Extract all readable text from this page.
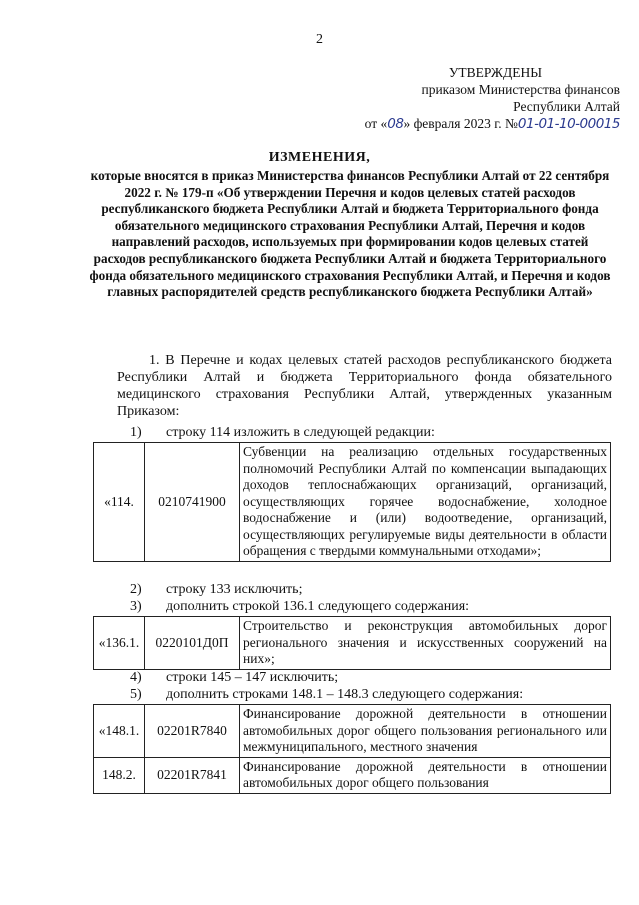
2
УТВЕРЖДЕНЫ
приказом Министерства финансов
Республики Алтай
от «08» февраля 2023 г. №01-01-10-00015
ИЗМЕНЕНИЯ,
которые вносятся в приказ Министерства финансов Республики Алтай от 22 сентября 2022 г. № 179-п «Об утверждении Перечня и кодов целевых статей расходов республиканского бюджета Республики Алтай и бюджета Территориального фонда обязательного медицинского страхования Республики Алтай, Перечня и кодов направлений расходов, используемых при формировании кодов целевых статей расходов республиканского бюджета Республики Алтай и бюджета Территориального фонда обязательного медицинского страхования Республики Алтай, и Перечня и кодов главных распорядителей средств республиканского бюджета Республики Алтай»
1. В Перечне и кодах целевых статей расходов республиканского бюджета Республики Алтай и бюджета Территориального фонда обязательного медицинского страхования Республики Алтай, утвержденных указанным Приказом:
1) строку 114 изложить в следующей редакции:
«114.	0210741900	Субвенции на реализацию отдельных государственных полномочий Республики Алтай по компенсации выпадающих доходов теплоснабжающих организаций, организаций, осуществляющих горячее водоснабжение, холодное водоснабжение и (или) водоотведение, организаций, осуществляющих регулируемые виды деятельности в области обращения с твердыми коммунальными отходами»;
2) строку 133 исключить;
3) дополнить строкой 136.1 следующего содержания:
«136.1.	0220101Д0П	Строительство и реконструкция автомобильных дорог регионального значения и искусственных сооружений на них»;
4) строки 145 – 147 исключить;
5) дополнить строками 148.1 – 148.3 следующего содержания:
«148.1.	02201R7840	Финансирование дорожной деятельности в отношении автомобильных дорог общего пользования регионального или межмуниципального, местного значения
148.2.	02201R7841	Финансирование дорожной деятельности в отношении автомобильных дорог общего пользования
